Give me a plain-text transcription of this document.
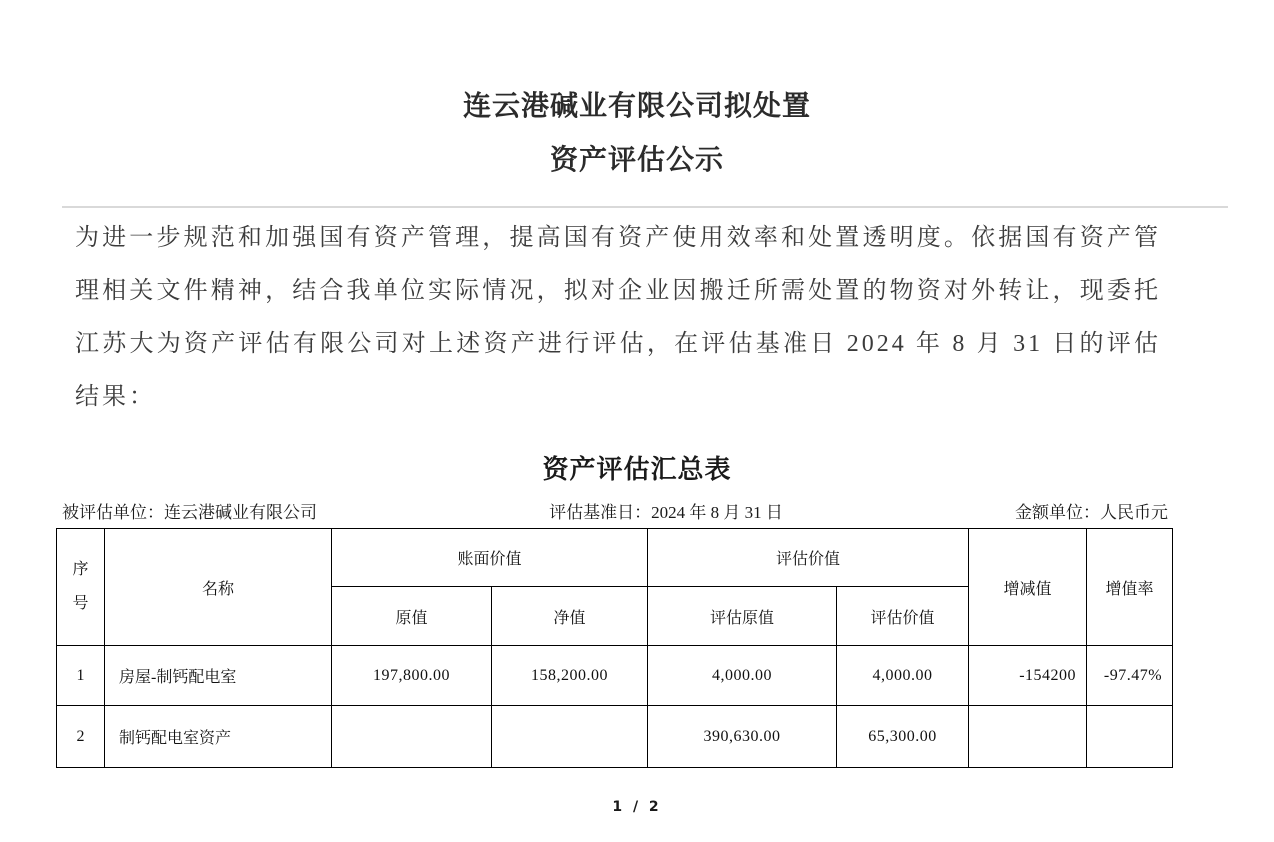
连云港碱业有限公司拟处置
资产评估公示

为进一步规范和加强国有资产管理，提高国有资产使用效率和处置透明度。依据国有资产管理相关文件精神，结合我单位实际情况，拟对企业因搬迁所需处置的物资对外转让，现委托江苏大为资产评估有限公司对上述资产进行评估，在评估基准日 2024 年 8 月 31 日的评估结果：

资产评估汇总表
被评估单位：连云港碱业有限公司	评估基准日：2024 年 8 月 31 日	金额单位：人民币元
序号	名称	账面价值		评估价值		增减值	增值率
		原值	净值	评估原值	评估价值		
1	房屋-制钙配电室	197,800.00	158,200.00	4,000.00	4,000.00	-154200	-97.47%
2	制钙配电室资产			390,630.00	65,300.00		
1 / 2
